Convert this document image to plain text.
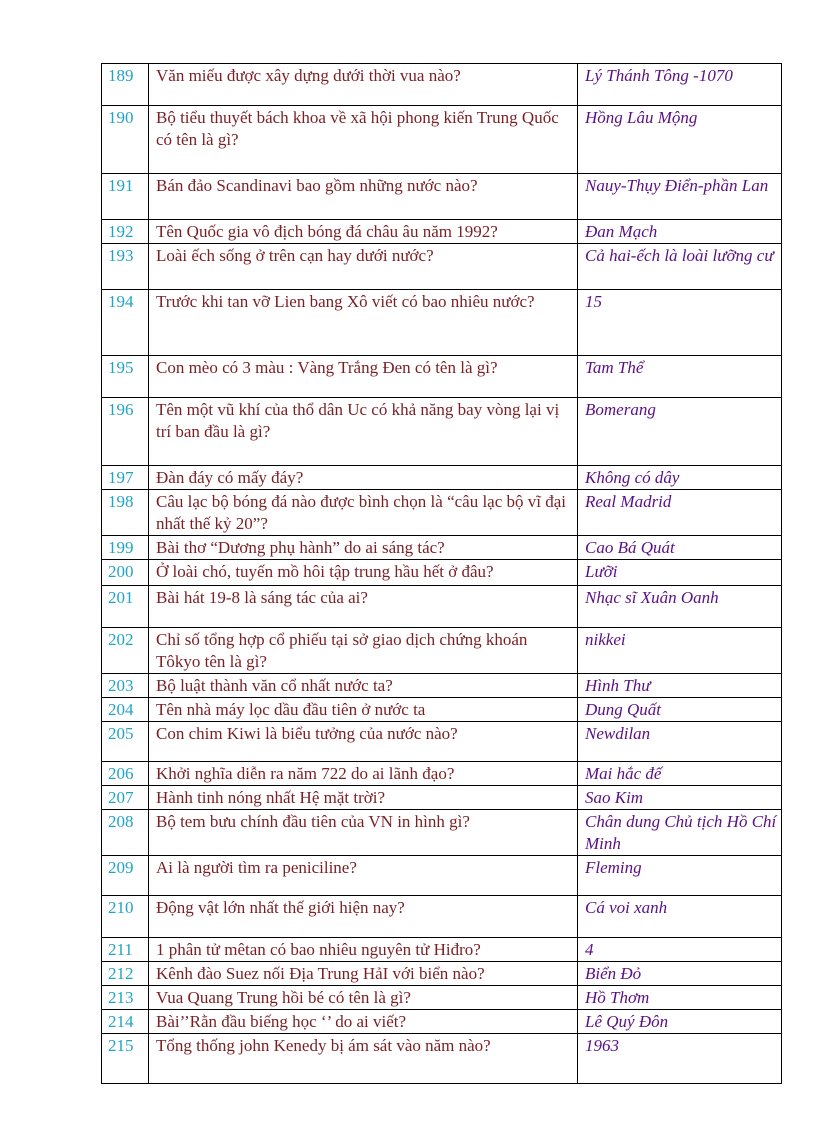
189	Văn miếu được xây dựng dưới thời vua nào?	Lý Thánh Tông -1070
190	Bộ tiểu thuyết bách khoa về xã hội phong kiến Trung Quốc có tên là gì?	Hồng Lâu Mộng
191	Bán đảo Scandinavi bao gồm những nước nào?	Nauy-Thụy Điển-phần Lan
192	Tên Quốc gia vô địch bóng đá châu âu năm 1992?	Đan Mạch
193	Loài ếch sống ở trên cạn hay dưới nước?	Cả hai-ếch là loài lưỡng cư
194	Trước khi tan vỡ Lien bang Xô viết có bao nhiêu nước?	15
195	Con mèo có 3 màu : Vàng Trắng Đen có tên là gì?	Tam Thể
196	Tên một vũ khí của thổ dân Uc có khả năng bay vòng lại vị trí ban đầu là gì?	Bomerang
197	Đàn đáy có mấy đáy?	Không có dây
198	Câu lạc bộ bóng đá nào được bình chọn là “câu lạc bộ vĩ đại nhất thế kỷ 20”?	Real Madrid
199	Bài thơ “Dương phụ hành” do ai sáng tác?	Cao Bá Quát
200	Ở loài chó, tuyến mồ hôi tập trung hầu hết ở đâu?	Lưỡi
201	Bài hát 19-8 là sáng tác của ai?	Nhạc sĩ Xuân Oanh
202	Chỉ số tổng hợp cổ phiếu tại sở giao dịch chứng khoán Tôkyo tên là gì?	nikkei
203	Bộ luật thành văn cổ nhất nước ta?	Hình Thư
204	Tên nhà máy lọc dầu đầu tiên ở nước ta	Dung Quất
205	Con chim Kiwi là biểu tưởng của nước nào?	Newdilan
206	Khởi nghĩa diễn ra năm 722 do ai lãnh đạo?	Mai hắc đế
207	Hành tinh nóng nhất Hệ mặt trời?	Sao Kim
208	Bộ tem bưu chính đầu tiên của VN in hình gì?	Chân dung Chủ tịch Hồ Chí Minh
209	Ai là người tìm ra peniciline?	Fleming
210	Động vật lớn nhất thế giới hiện nay?	Cá voi xanh
211	1 phân tử mêtan có bao nhiêu nguyên tử Hiđro?	4
212	Kênh đào Suez nối Địa Trung HảI với biển nào?	Biển Đỏ
213	Vua Quang Trung hồi bé có tên là gì?	Hồ Thơm
214	Bài’’Rằn đầu biếng học ‘’ do ai viết?	Lê Quý Đôn
215	Tổng thống john Kenedy bị ám sát vào năm nào?	1963
